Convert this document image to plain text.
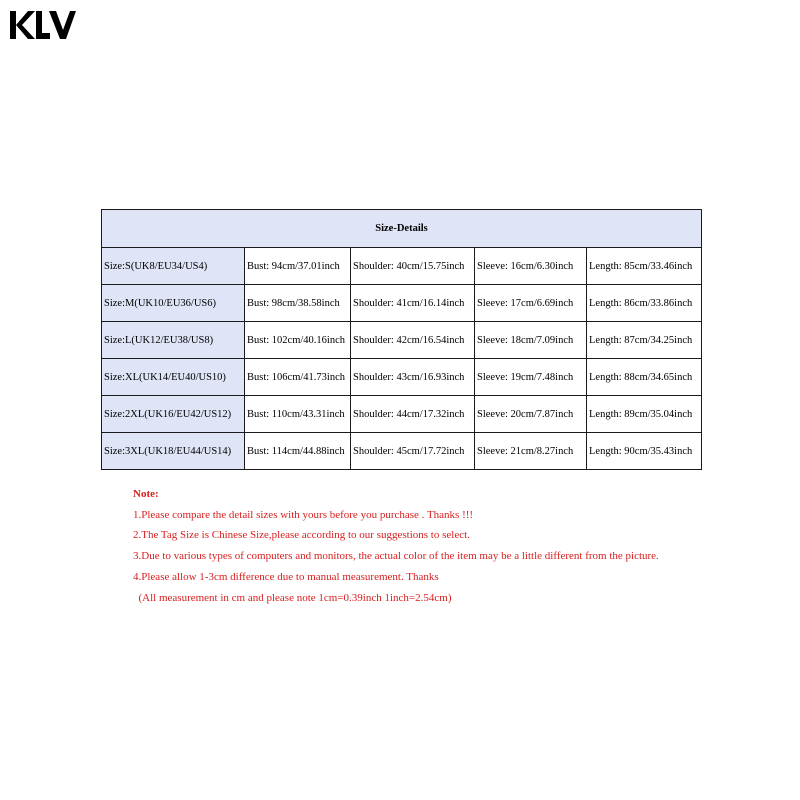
Size-Details				
Size:S(UK8/EU34/US4)	Bust: 94cm/37.01inch	Shoulder: 40cm/15.75inch	Sleeve: 16cm/6.30inch	Length: 85cm/33.46inch
Size:M(UK10/EU36/US6)	Bust: 98cm/38.58inch	Shoulder: 41cm/16.14inch	Sleeve: 17cm/6.69inch	Length: 86cm/33.86inch
Size:L(UK12/EU38/US8)	Bust: 102cm/40.16inch	Shoulder: 42cm/16.54inch	Sleeve: 18cm/7.09inch	Length: 87cm/34.25inch
Size:XL(UK14/EU40/US10)	Bust: 106cm/41.73inch	Shoulder: 43cm/16.93inch	Sleeve: 19cm/7.48inch	Length: 88cm/34.65inch
Size:2XL(UK16/EU42/US12)	Bust: 110cm/43.31inch	Shoulder: 44cm/17.32inch	Sleeve: 20cm/7.87inch	Length: 89cm/35.04inch
Size:3XL(UK18/EU44/US14)	Bust: 114cm/44.88inch	Shoulder: 45cm/17.72inch	Sleeve: 21cm/8.27inch	Length: 90cm/35.43inch
Note:
1.Please compare the detail sizes with yours before you purchase . Thanks !!!
2.The Tag Size is Chinese Size,please according to our suggestions to select.
3.Due to various types of computers and monitors, the actual color of the item may be a little different from the picture.
4.Please allow 1-3cm difference due to manual measurement. Thanks
(All measurement in cm and please note 1cm=0.39inch 1inch=2.54cm)
